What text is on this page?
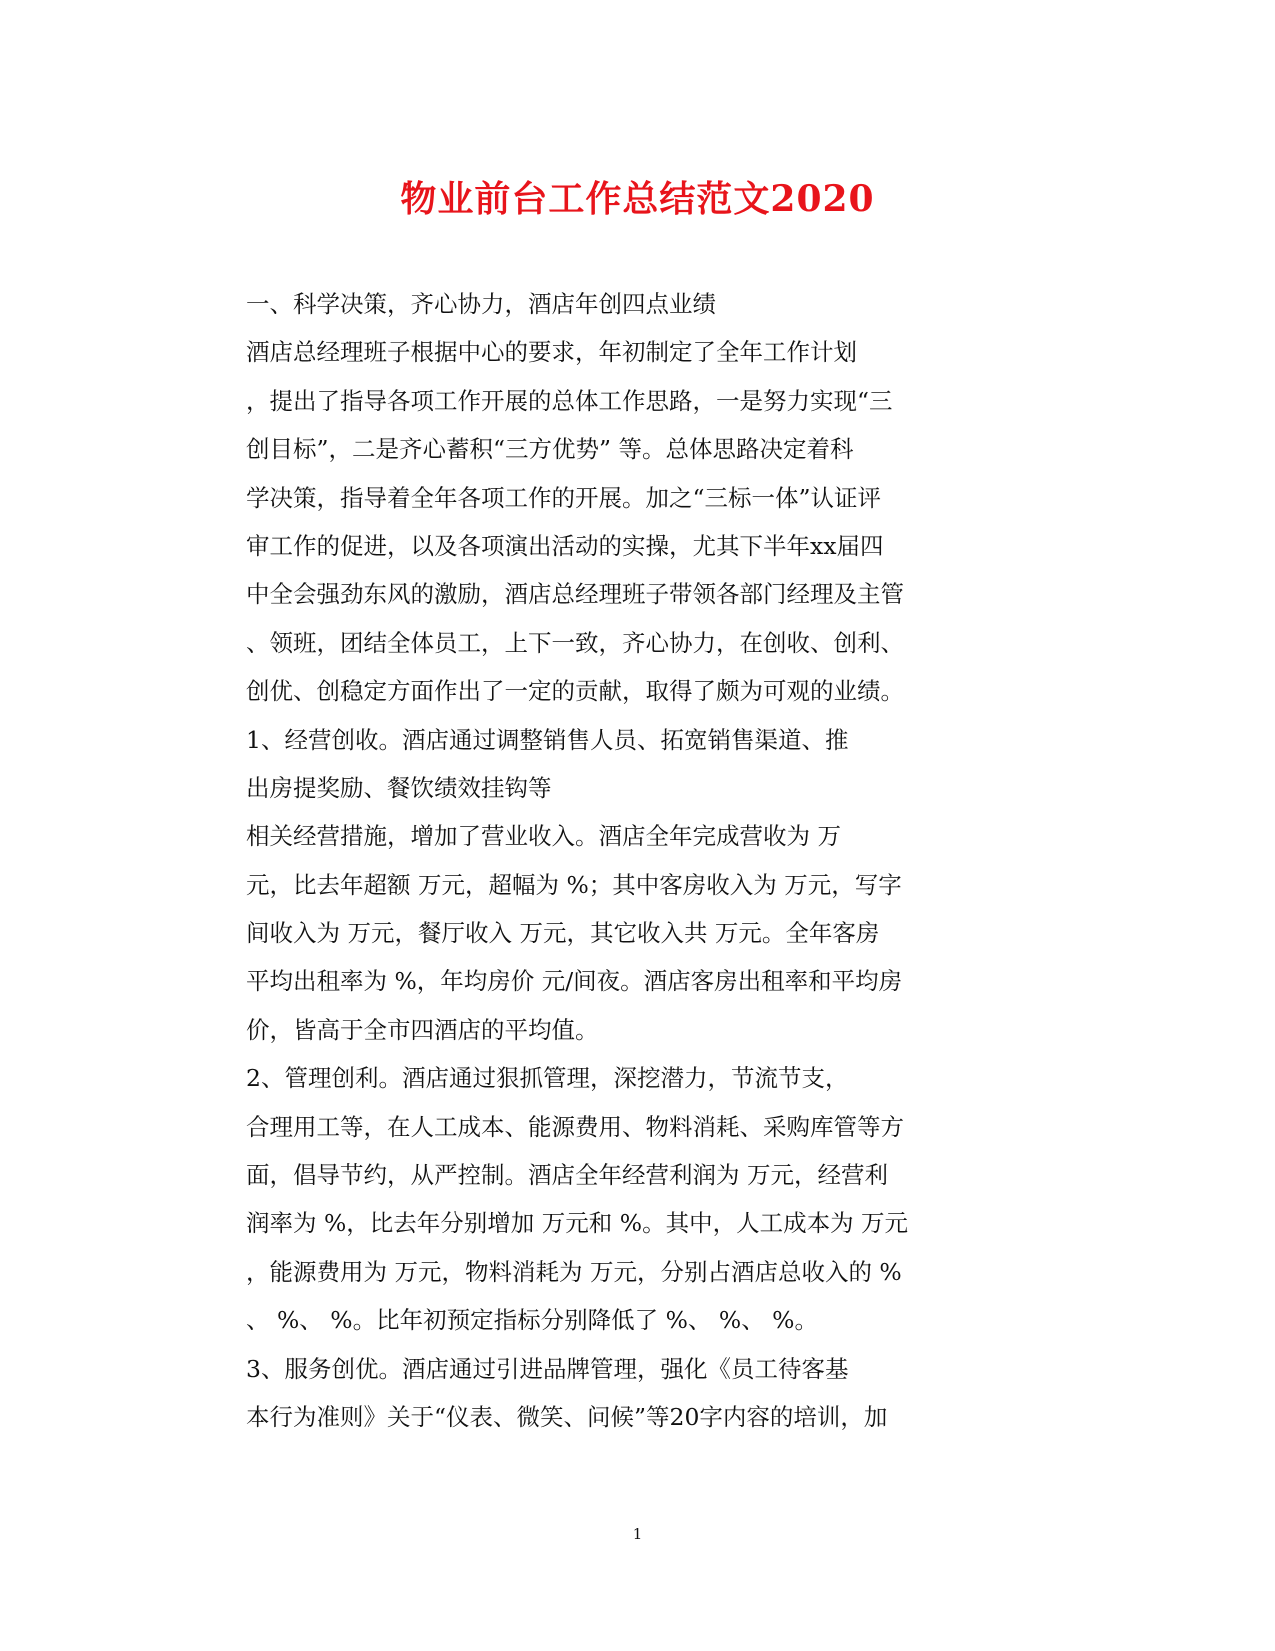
物业前台工作总结范文2020
一、科学决策，齐心协力，酒店年创四点业绩
酒店总经理班子根据中心的要求，年初制定了全年工作计划
，提出了指导各项工作开展的总体工作思路，一是努力实现“三
创目标”，二是齐心蓄积“三方优势” 等。总体思路决定着科
学决策，指导着全年各项工作的开展。加之“三标一体”认证评
审工作的促进，以及各项演出活动的实操，尤其下半年xx届四
中全会强劲东风的激励，酒店总经理班子带领各部门经理及主管
、领班，团结全体员工，上下一致，齐心协力，在创收、创利、
创优、创稳定方面作出了一定的贡献，取得了颇为可观的业绩。
1、经营创收。酒店通过调整销售人员、拓宽销售渠道、推
出房提奖励、餐饮绩效挂钩等
相关经营措施，增加了营业收入。酒店全年完成营收为 万
元，比去年超额 万元，超幅为 %；其中客房收入为 万元，写字
间收入为 万元，餐厅收入 万元，其它收入共 万元。全年客房
平均出租率为 %，年均房价 元/间夜。酒店客房出租率和平均房
价，皆高于全市四酒店的平均值。
2、管理创利。酒店通过狠抓管理，深挖潜力，节流节支，
合理用工等，在人工成本、能源费用、物料消耗、采购库管等方
面，倡导节约，从严控制。酒店全年经营利润为 万元，经营利
润率为 %，比去年分别增加 万元和 %。其中，人工成本为 万元
，能源费用为 万元，物料消耗为 万元，分别占酒店总收入的 %
、 %、 %。比年初预定指标分别降低了 %、 %、 %。
3、服务创优。酒店通过引进品牌管理，强化《员工待客基
本行为准则》关于“仪表、微笑、问候”等20字内容的培训，加
1
